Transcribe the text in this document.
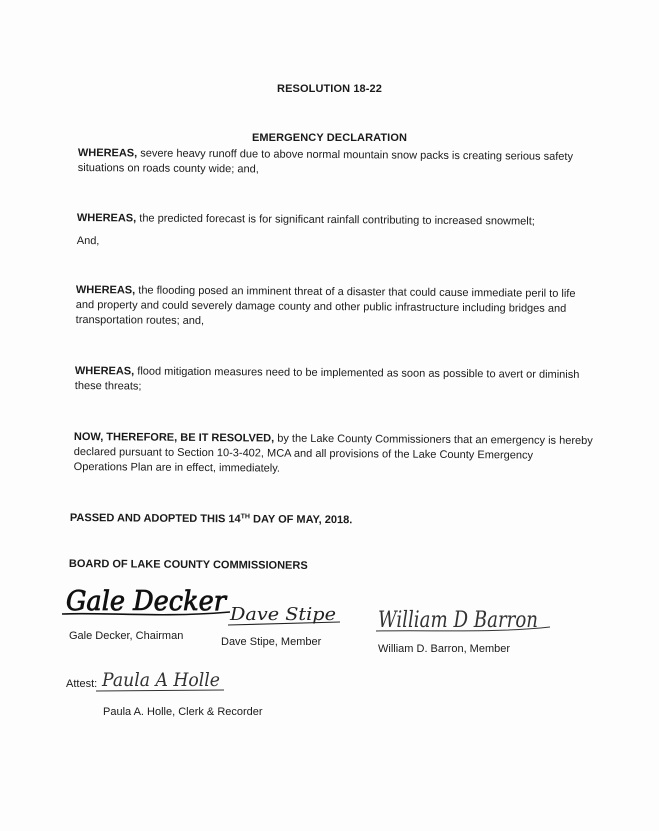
RESOLUTION 18-22
EMERGENCY DECLARATION
WHEREAS, severe heavy runoff due to above normal mountain snow packs is creating serious safety
situations on roads county wide; and,
WHEREAS, the predicted forecast is for significant rainfall contributing to increased snowmelt;
And,
WHEREAS, the flooding posed an imminent threat of a disaster that could cause immediate peril to life
and property and could severely damage county and other public infrastructure including bridges and
transportation routes; and,
WHEREAS, flood mitigation measures need to be implemented as soon as possible to avert or diminish
these threats;
NOW, THEREFORE, BE IT RESOLVED, by the Lake County Commissioners that an emergency is hereby
declared pursuant to Section 10-3-402, MCA and all provisions of the Lake County Emergency
Operations Plan are in effect, immediately.
PASSED AND ADOPTED THIS 14TH DAY OF MAY, 2018.
BOARD OF LAKE COUNTY COMMISSIONERS
Gale Decker
Gale Decker, Chairman
Dave Stipe
Dave Stipe, Member
William D Barron
William D. Barron, Member
Attest: Paula A Holle
Paula A. Holle, Clerk & Recorder
